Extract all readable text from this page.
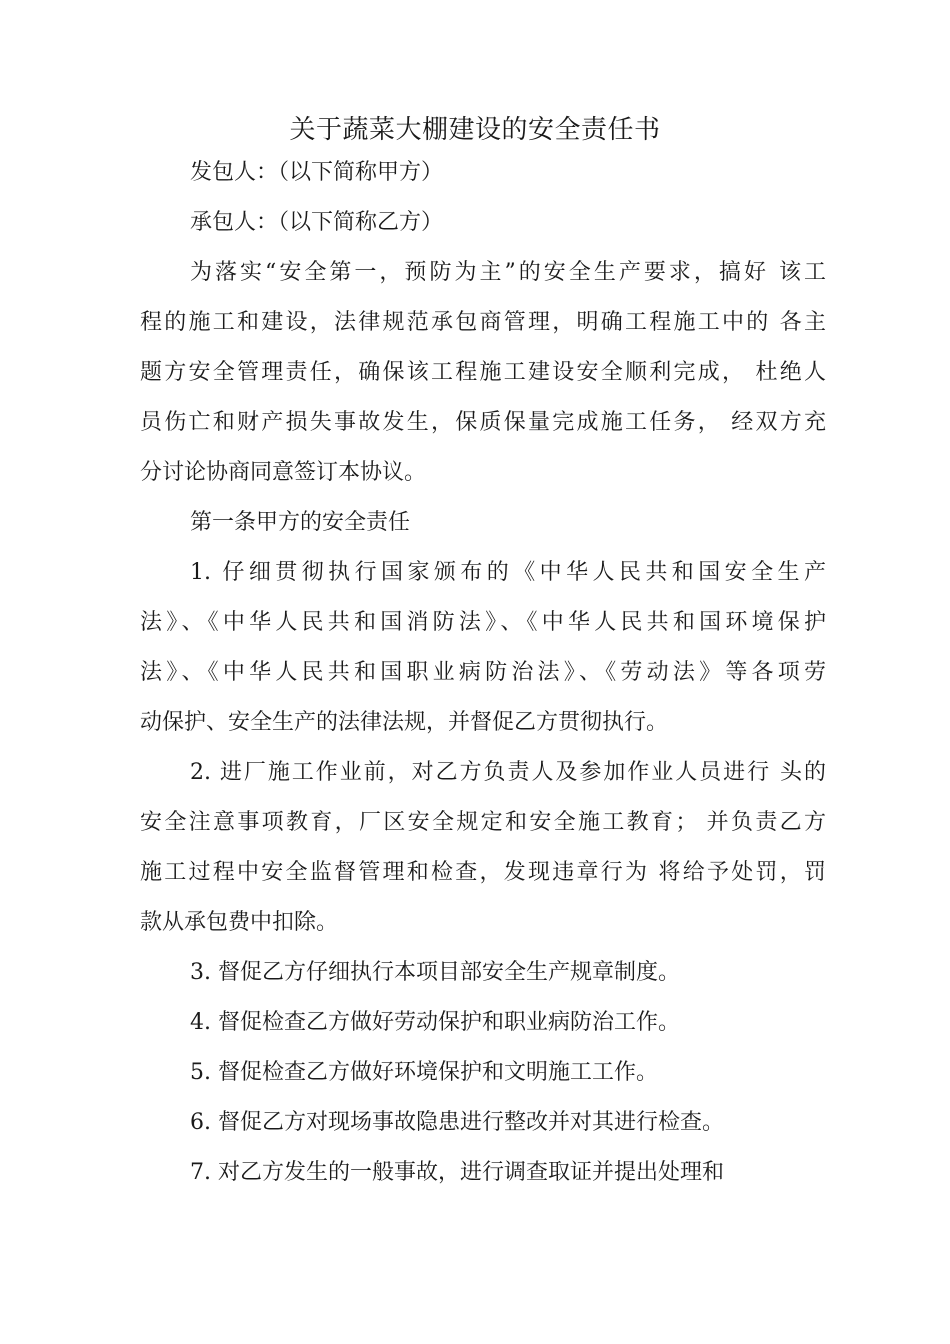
关于蔬菜大棚建设的安全责任书
发包人：（以下简称甲方）
承包人：（以下简称乙方）
为落实“安全第一，预防为主”的安全生产要求，搞好 该工
程的施工和建设，法律规范承包商管理，明确工程施工中的 各主
题方安全管理责任，确保该工程施工建设安全顺利完成， 杜绝人
员伤亡和财产损失事故发生，保质保量完成施工任务， 经双方充
分讨论协商同意签订本协议。
第一条甲方的安全责任
1. 仔细贯彻执行国家颁布的《中华人民共和国安全生产
法》、《中华人民共和国消防法》、《中华人民共和国环境保护
法》、《中华人民共和国职业病防治法》、《劳动法》等各项劳
动保护、安全生产的法律法规，并督促乙方贯彻执行。
2. 进厂施工作业前，对乙方负责人及参加作业人员进行 头的
安全注意事项教育，厂区安全规定和安全施工教育； 并负责乙方
施工过程中安全监督管理和检查，发现违章行为 将给予处罚，罚
款从承包费中扣除。
3. 督促乙方仔细执行本项目部安全生产规章制度。
4. 督促检查乙方做好劳动保护和职业病防治工作。
5. 督促检查乙方做好环境保护和文明施工工作。
6. 督促乙方对现场事故隐患进行整改并对其进行检查。
7. 对乙方发生的一般事故，进行调查取证并提出处理和
